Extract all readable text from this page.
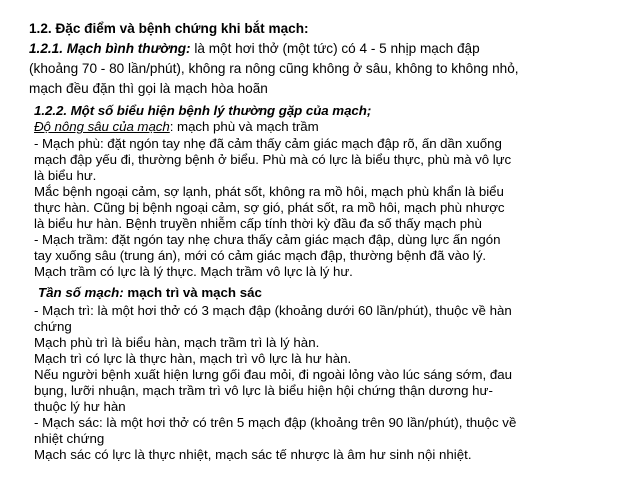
1.2. Đặc điểm và bệnh chứng khi bắt mạch:
1.2.1. Mạch bình thường: là một hơi thở (một tức) có 4 - 5 nhịp mạch đập
(khoảng 70 - 80 lần/phút), không ra nông cũng không ở sâu, không to không nhỏ,
mạch đều đặn thì gọi là mạch hòa hoãn
1.2.2. Một số biểu hiện bệnh lý thường gặp của mạch;
Độ nông sâu của mạch: mạch phù và mạch trầm
- Mạch phù: đặt ngón tay nhẹ đã cảm thấy cảm giác mạch đập rõ, ấn dần xuống
mạch đập yếu đi, thường bệnh ở biểu. Phù mà có lực là biểu thực, phù mà vô lực
là biểu hư.
Mắc bệnh ngoại cảm, sợ lạnh, phát sốt, không ra mồ hôi, mạch phù khẩn là biểu
thực hàn. Cũng bị bệnh ngoại cảm, sợ gió, phát sốt, ra mồ hôi, mạch phù nhược
là biểu hư hàn. Bệnh truyền nhiễm cấp tính thời kỳ đầu đa số thấy mạch phù
- Mạch trầm: đặt ngón tay nhẹ chưa thấy cảm giác mạch đập, dùng lực ấn ngón
tay xuống sâu (trung án), mới có cảm giác mạch đập, thường bệnh đã vào lý.
Mạch trầm có lực là lý thực. Mạch trầm vô lực là lý hư.
Tần số mạch: mạch trì và mạch sác
- Mạch trì: là một hơi thở có 3 mạch đập (khoảng dưới 60 lần/phút), thuộc về hàn
chứng
Mạch phù trì là biểu hàn, mạch trầm trì là lý hàn.
Mạch trì có lực là thực hàn, mạch trì vô lực là hư hàn.
Nếu người bệnh xuất hiện lưng gối đau mỏi, đi ngoài lỏng vào lúc sáng sớm, đau
bụng, lưỡi nhuận, mạch trầm trì vô lực là biểu hiện hội chứng thận dương hư-
thuộc lý hư hàn
- Mạch sác: là một hơi thở có trên 5 mạch đập (khoảng trên 90 lần/phút), thuộc về
nhiệt chứng
Mạch sác có lực là thực nhiệt, mạch sác tế nhược là âm hư sinh nội nhiệt.
